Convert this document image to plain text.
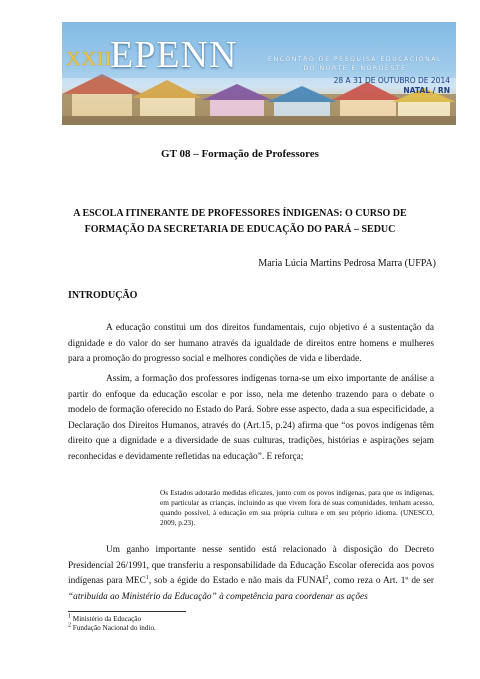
XXII
EPENN	ENCONTRO DE PESQUISA EDUCACIONAL
DO NORTE E NORDESTE
28 A 31 DE OUTUBRO DE 2014
NATAL / RN
GT 08 – Formação de Professores
A ESCOLA ITINERANTE DE PROFESSORES ÍNDIGENAS: O CURSO DE
FORMAÇÃO DA SECRETARIA DE EDUCAÇÃO DO PARÁ – SEDUC
Maria Lúcia Martins Pedrosa Marra (UFPA)
INTRODUÇÃO
A educação constitui um dos direitos fundamentais, cujo objetivo é a sustentação da dignidade e do valor do ser humano através da igualdade de direitos entre homens e mulheres para a promoção do progresso social e melhores condições de vida e liberdade.
Assim, a formação dos professores indígenas torna-se um eixo importante de análise a partir do enfoque da educação escolar e por isso, nela me detenho trazendo para o debate o modelo de formação oferecido no Estado do Pará. Sobre esse aspecto, dada a sua especificidade, a Declaração dos Direitos Humanos, através do (Art.15, p.24) afirma que “os povos indígenas têm direito que a dignidade e a diversidade de suas culturas, tradições, histórias e aspirações sejam reconhecidas e devidamente refletidas na educação”. E reforça;
Os Estados adotarão medidas eficazes, junto com os povos indígenas, para que os indígenas, em particular as crianças, incluindo as que vivem fora de suas comunidades, tenham acesso, quando possível, à educação em sua própria cultura e em seu próprio idioma. (UNESCO, 2009, p.23).
Um ganho importante nesse sentido está relacionado à disposição do Decreto Presidencial 26/1991, que transferiu a responsabilidade da Educação Escolar oferecida aos povos indígenas para MEC$^1$, sob a égide do Estado e não mais da FUNAI$^2$, como reza o Art. 1º de ser “atribuída ao Ministério da Educação” à competência para coordenar as ações
$^1$ Ministério da Educação
$^2$ Fundação Nacional do índio.
